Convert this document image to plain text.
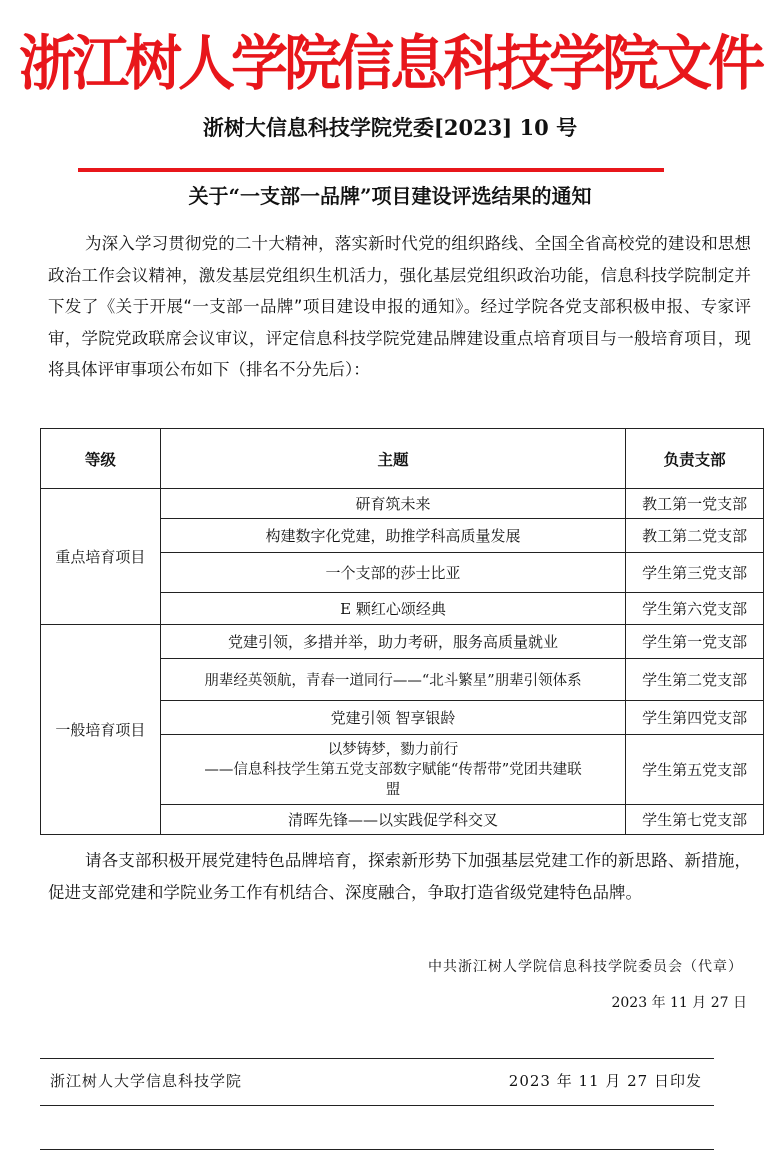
浙江树人学院信息科技学院文件
浙树大信息科技学院党委[2023] 10 号
关于“一支部一品牌”项目建设评选结果的通知

为深入学习贯彻党的二十大精神，落实新时代党的组织路线、全国全省高校党的建设和思想政治工作会议精神，激发基层党组织生机活力，强化基层党组织政治功能，信息科技学院制定并下发了《关于开展“一支部一品牌”项目建设申报的通知》。经过学院各党支部积极申报、专家评审，学院党政联席会议审议，评定信息科技学院党建品牌建设重点培育项目与一般培育项目，现将具体评审事项公布如下（排名不分先后）：

等级	主题	负责支部
重点培育项目	研育筑未来	教工第一党支部
	构建数字化党建，助推学科高质量发展	教工第二党支部
	一个支部的莎士比亚	学生第三党支部
	E 颗红心颂经典	学生第六党支部
一般培育项目	党建引领，多措并举，助力考研，服务高质量就业	学生第一党支部
	朋辈经英领航，青春一道同行——“北斗繁星”朋辈引领体系	学生第二党支部
	党建引领 智享银龄	学生第四党支部

	以梦铸梦，勠力前行
——信息科技学生第五党支部数字赋能“传帮带”党团共建联
盟	学生第五党支部
	清晖先锋——以实践促学科交叉	学生第七党支部

请各支部积极开展党建特色品牌培育，探索新形势下加强基层党建工作的新思路、新措施，促进支部党建和学院业务工作有机结合、深度融合，争取打造省级党建特色品牌。

中共浙江树人学院信息科技学院委员会（代章）
2023 年 11 月 27 日
浙江树人大学信息科技学院	2023 年 11 月 27 日印发
